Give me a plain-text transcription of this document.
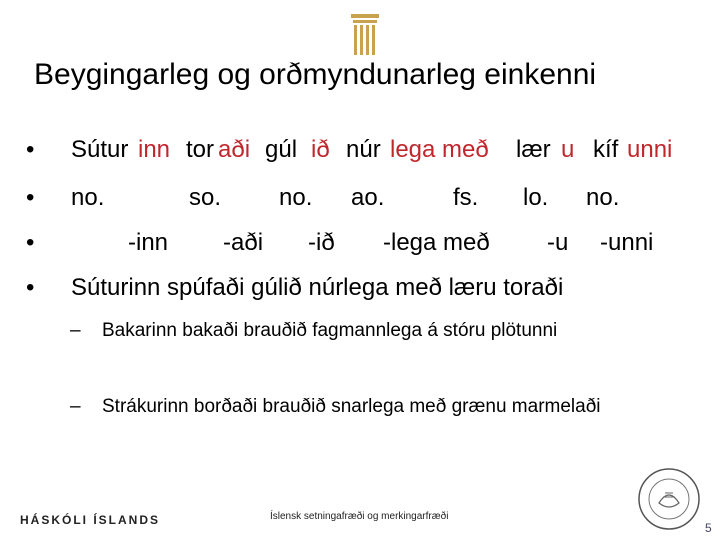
Beygingarleg og orðmyndunarleg einkenni
• Sútur inn tor aði gúl ið núr lega með lær u kíf unni
• no.	so. no. ao.	fs. lo. no.
•	-inn -aði -ið -lega með -u -unni
• Súturinn spúfaði gúlið núrlega með læru toraði
–	Bakarinn bakaði brauðið fagmannlega á stóru plötunni
–	Strákurinn borðaði brauðið snarlega með grænu marmelaði
HÁSKÓLI ÍSLANDS	Íslensk setningafræði og merkingarfræði
5
